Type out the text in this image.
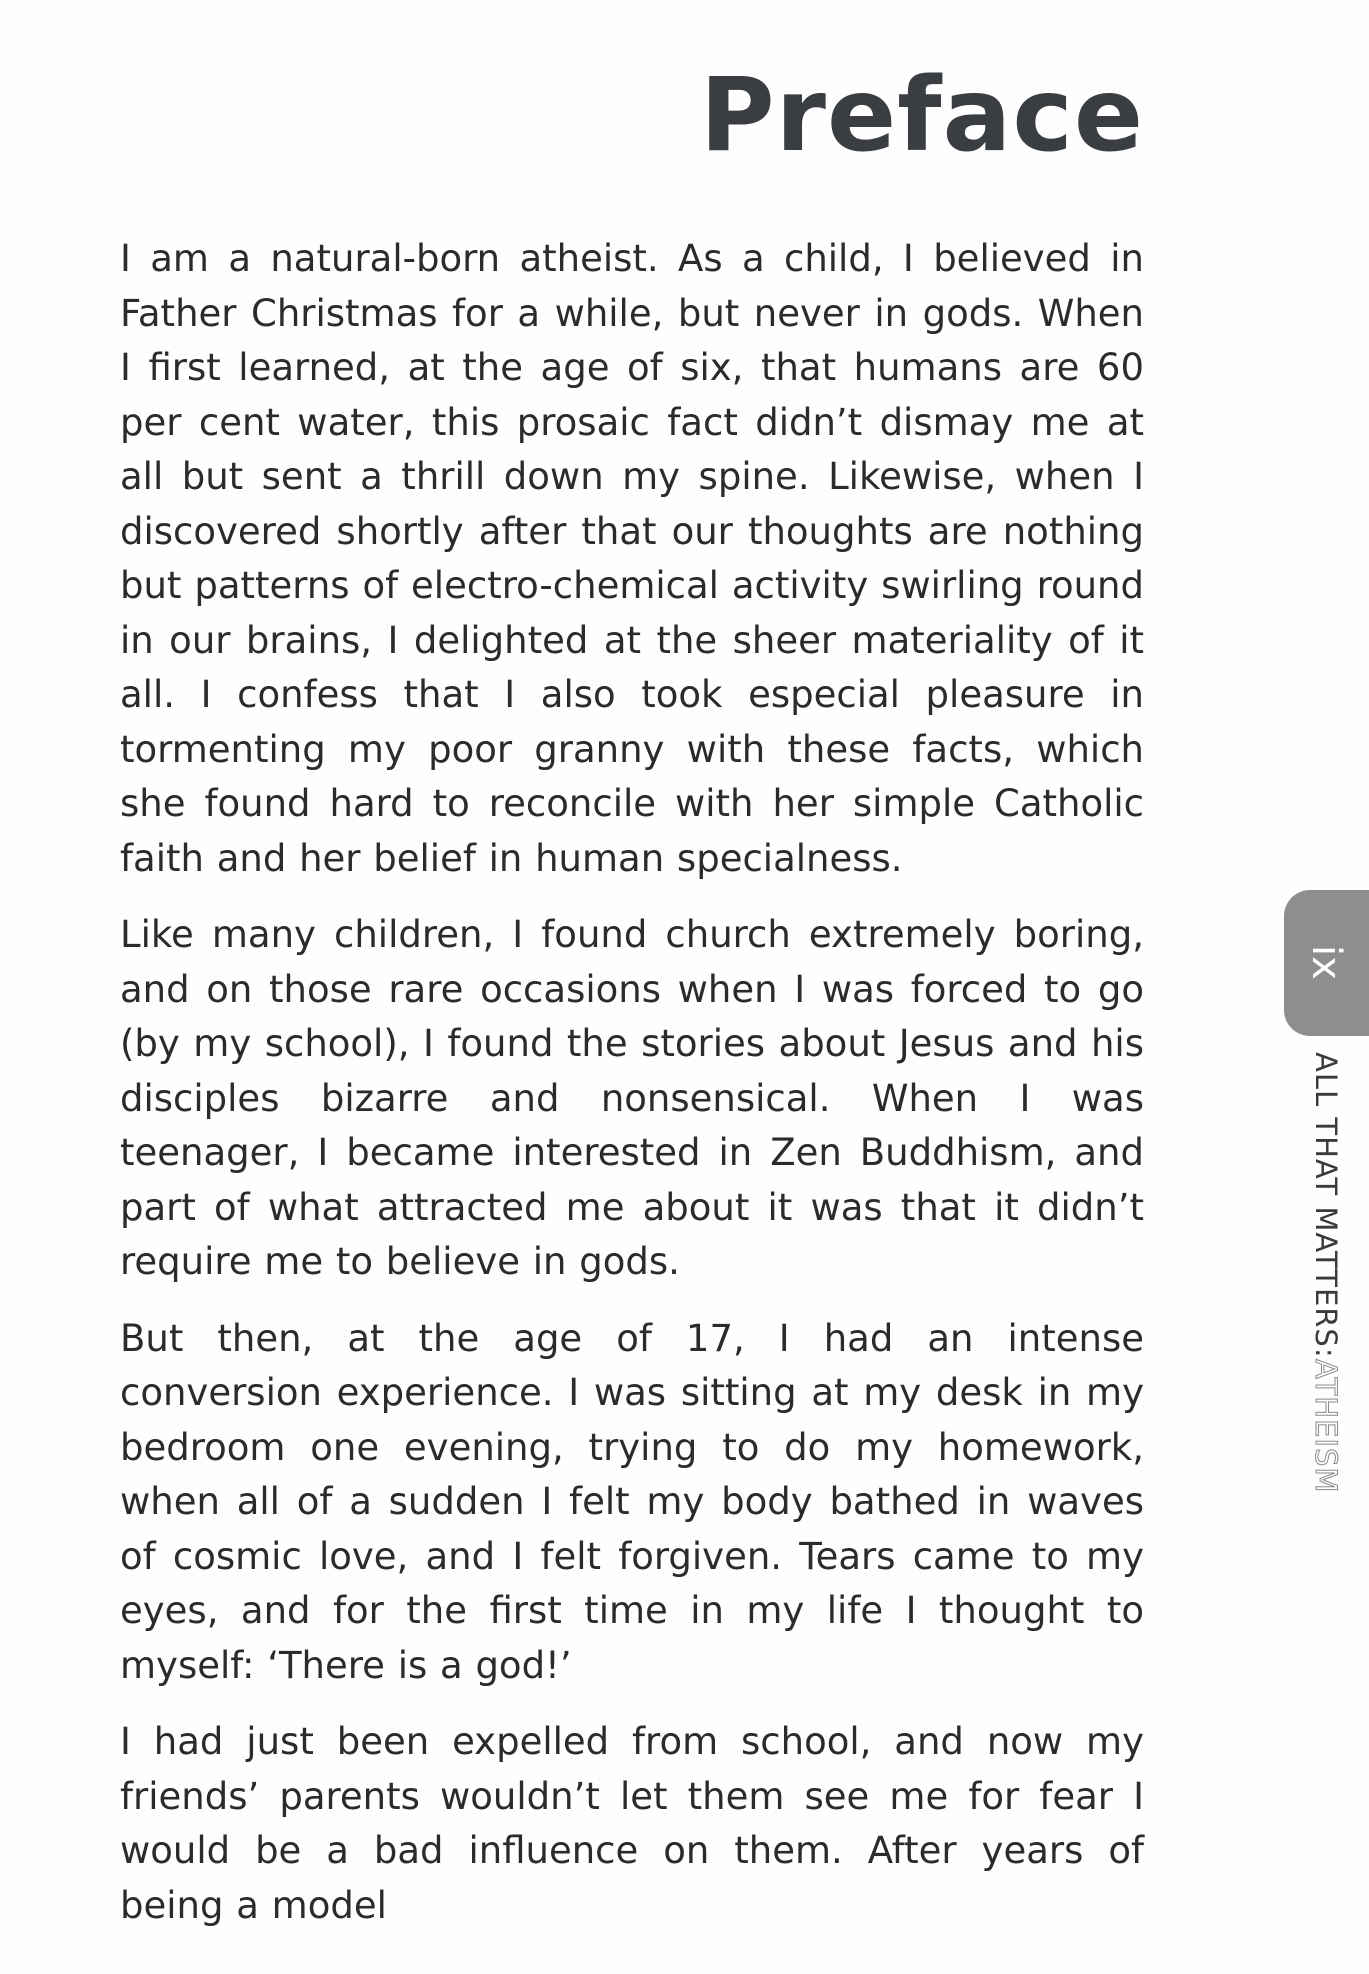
Preface

I am a natural-born atheist. As a child, I believed in Father Christmas for a while, but never in gods. When I first learned, at the age of six, that humans are 60 per cent water, this prosaic fact didn’t dismay me at all but sent a thrill down my spine. Likewise, when I discovered shortly after that our thoughts are nothing but patterns of electro-chemical activity swirling round in our brains, I delighted at the sheer materiality of it all. I confess that I also took especial pleasure in tormenting my poor granny with these facts, which she found hard to reconcile with her simple Catholic faith and her belief in human specialness.

Like many children, I found church extremely boring, and on those rare occasions when I was forced to go (by my school), I found the stories about Jesus and his disciples bizarre and nonsensical. When I was teenager, I became interested in Zen Buddhism, and part of what attracted me about it was that it didn’t require me to believe in gods.

But then, at the age of 17, I had an intense conversion experience. I was sitting at my desk in my bedroom one evening, trying to do my homework, when all of a sudden I felt my body bathed in waves of cosmic love, and I felt forgiven. Tears came to my eyes, and for the first time in my life I thought to myself: ‘There is a god!’

I had just been expelled from school, and now my friends’ parents wouldn’t let them see me for fear I would be a bad influence on them. After years of being a model

ix
ALL THAT MATTERS:
ATHEISM
